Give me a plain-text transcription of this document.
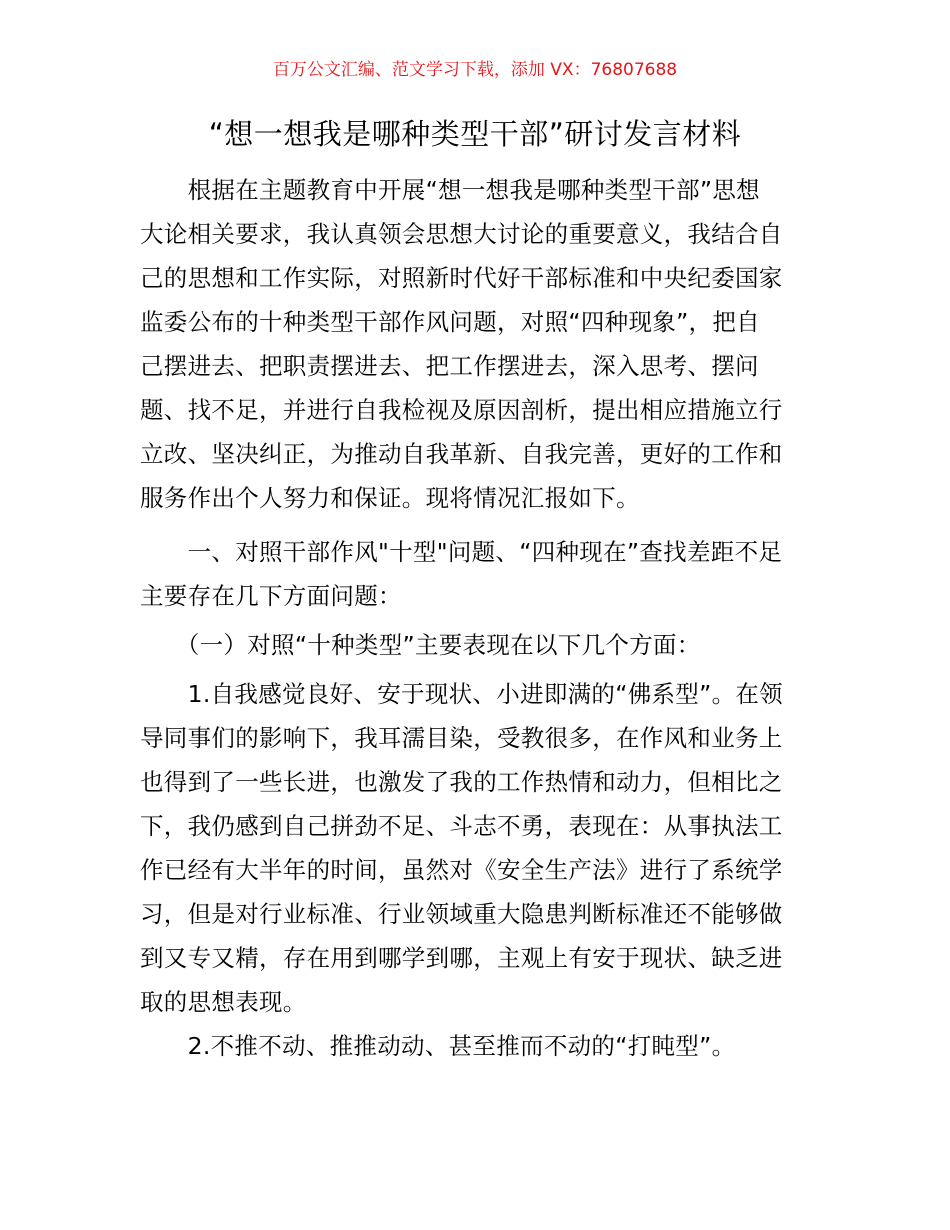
百万公文汇编、范文学习下载，添加 VX：76807688
“想一想我是哪种类型干部”研讨发言材料
　　根据在主题教育中开展“想一想我是哪种类型干部”思想
大论相关要求，我认真领会思想大讨论的重要意义，我结合自
己的思想和工作实际，对照新时代好干部标准和中央纪委国家
监委公布的十种类型干部作风问题，对照“四种现象”，把自
己摆进去、把职责摆进去、把工作摆进去，深入思考、摆问
题、找不足，并进行自我检视及原因剖析，提出相应措施立行
立改、坚决纠正，为推动自我革新、自我完善，更好的工作和
服务作出个人努力和保证。现将情况汇报如下。
　　一、对照干部作风"十型"问题、“四种现在”查找差距不足
主要存在几下方面问题：
　　（一）对照“十种类型”主要表现在以下几个方面：
　　1.自我感觉良好、安于现状、小进即满的“佛系型”。在领
导同事们的影响下，我耳濡目染，受教很多，在作风和业务上
也得到了一些长进，也激发了我的工作热情和动力，但相比之
下，我仍感到自己拼劲不足、斗志不勇，表现在：从事执法工
作已经有大半年的时间，虽然对《安全生产法》进行了系统学
习，但是对行业标准、行业领域重大隐患判断标准还不能够做
到又专又精，存在用到哪学到哪，主观上有安于现状、缺乏进
取的思想表现。
　　2.不推不动、推推动动、甚至推而不动的“打盹型”。
